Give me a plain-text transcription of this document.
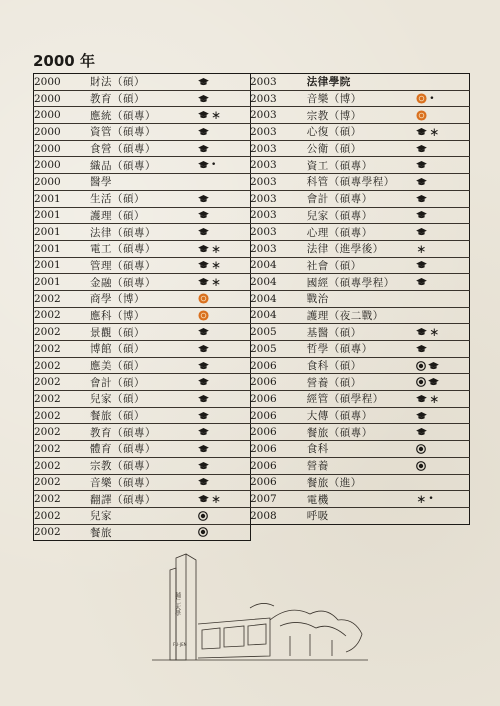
2000 年
2000	財法（碩）	
2000	教育（碩）	
2000	應統（碩專）	∗
2000	資管（碩專）	
2000	食營（碩專）	
2000	織品（碩專）	•
2000	醫學	
2001	生活（碩）	
2001	護理（碩）	
2001	法律（碩專）	
2001	電工（碩專）	∗
2001	管理（碩專）	∗
2001	金融（碩專）	∗
2002	商學（博）	
2002	應科（博）	
2002	景觀（碩）	
2002	博館（碩）	
2002	應美（碩）	
2002	會計（碩）	
2002	兒家（碩）	
2002	餐旅（碩）	
2002	教育（碩專）	
2002	體育（碩專）	
2002	宗教（碩專）	
2002	音樂（碩專）	
2002	翻譯（碩專）	∗
2002	兒家	
2002	餐旅	
2003	法律學院	
2003	音樂（博）	•
2003	宗教（博）	
2003	心復（碩）	∗
2003	公衛（碩）	
2003	資工（碩專）	
2003	科管（碩專學程）	
2003	會計（碩專）	
2003	兒家（碩專）	
2003	心理（碩專）	
2003	法律（進學後）	∗
2004	社會（碩）	
2004	國經（碩專學程）	
2004	戰治	
2004	護理（夜二戰）	
2005	基醫（碩）	∗
2005	哲學（碩專）	
2006	食科（碩）	
2006	營養（碩）	
2006	經管（碩學程）	∗
2006	大傳（碩專）	
2006	餐旅（碩專）	
2006	食科	
2006	營養	
2006	餐旅（進）	
2007	電機	∗ •
2008	呼吸	
輔仁大學
FU-JEN
